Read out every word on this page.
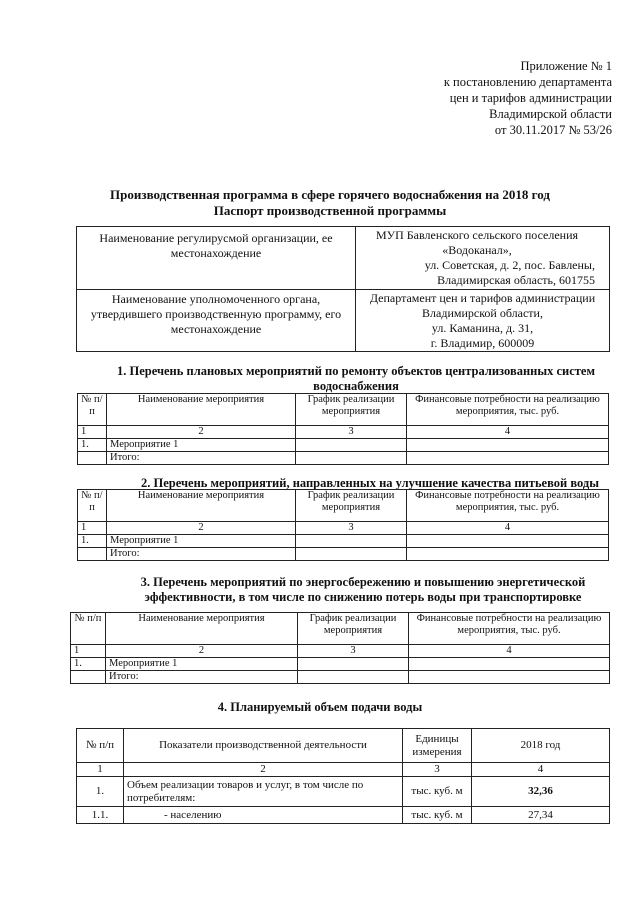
Приложение № 1
к постановлению департамента
цен и тарифов администрации
Владимирской области
от 30.11.2017 № 53/26
Производственная программа в сфере горячего водоснабжения на 2018 год
Паспорт производственной программы
Наименование регулирусмой организации, ее местонахождение	МУП Бавленского сельского поселения
«Водоканал»,
ул. Советская, д. 2, пос. Бавлены,
Владимирская область, 601755

Наименование уполномоченного органа, утвердившего производственную программу, его местонахождение	Департамент цен и тарифов администрации
Владимирской области,
ул. Каманина, д. 31,
г. Владимир, 600009
1. Перечень плановых мероприятий по ремонту объектов централизованных систем водоснабжения
№ п/п	Наименование мероприятия	График реализации мероприятия	Финансовые потребности на реализацию мероприятия, тыс. руб.
1	2	3	4
1.	Мероприятие 1		
	Итого:		
2. Перечень мероприятий, направленных на улучшение качества питьевой воды
№ п/п	Наименование мероприятия	График реализации мероприятия	Финансовые потребности на реализацию мероприятия, тыс. руб.
1	2	3	4
1.	Мероприятие 1		
	Итого:		
3. Перечень мероприятий по энергосбережению и повышению энергетической эффективности, в том числе по снижению потерь воды при транспортировке
№ п/п	Наименование мероприятия	График реализации мероприятия	Финансовые потребности на реализацию мероприятия, тыс. руб.
1	2	3	4
1.	Мероприятие 1		
	Итого:		
4. Планируемый объем подачи воды
№ п/п	Показатели производственной деятельности	Единицы измерения	2018 год
1	2	3	4
1.	Объем реализации товаров и услуг, в том числе по потребителям:	тыс. куб. м	32,36
1.1.	- населению	тыс. куб. м	27,34
